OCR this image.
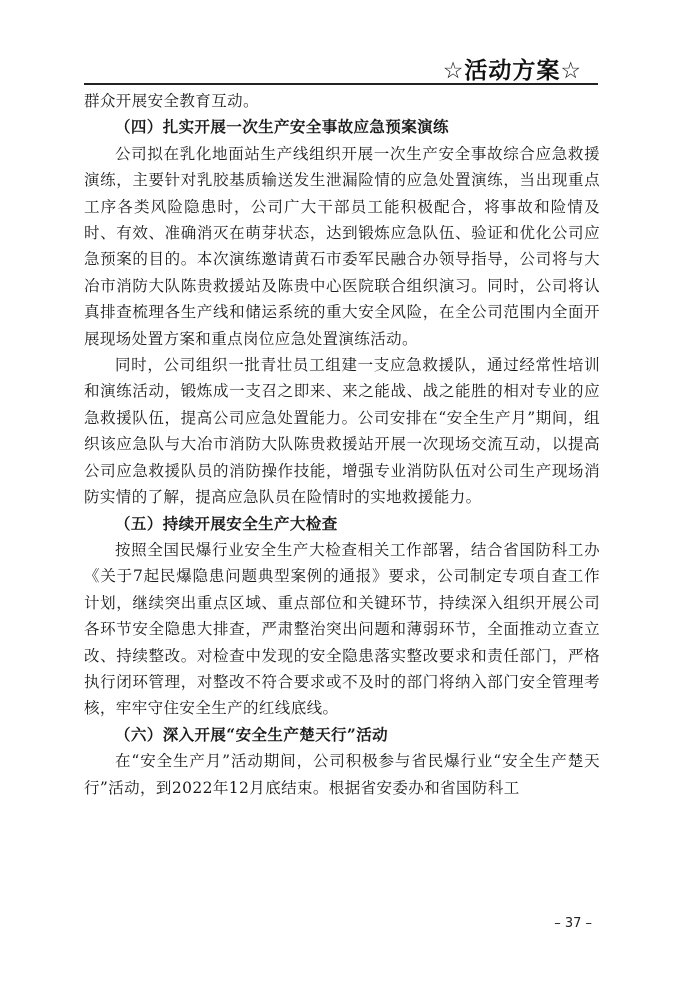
☆活动方案☆

群众开展安全教育互动。

（四）扎实开展一次生产安全事故应急预案演练

公司拟在乳化地面站生产线组织开展一次生产安全事故综合应急救援演练，主要针对乳胶基质输送发生泄漏险情的应急处置演练，当出现重点工序各类风险隐患时，公司广大干部员工能积极配合，将事故和险情及时、有效、准确消灭在萌芽状态，达到锻炼应急队伍、验证和优化公司应急预案的目的。本次演练邀请黄石市委军民融合办领导指导，公司将与大冶市消防大队陈贵救援站及陈贵中心医院联合组织演习。同时，公司将认真排查梳理各生产线和储运系统的重大安全风险，在全公司范围内全面开展现场处置方案和重点岗位应急处置演练活动。

同时，公司组织一批青壮员工组建一支应急救援队，通过经常性培训和演练活动，锻炼成一支召之即来、来之能战、战之能胜的相对专业的应急救援队伍，提高公司应急处置能力。公司安排在“安全生产月”期间，组织该应急队与大冶市消防大队陈贵救援站开展一次现场交流互动，以提高公司应急救援队员的消防操作技能，增强专业消防队伍对公司生产现场消防实情的了解，提高应急队员在险情时的实地救援能力。

（五）持续开展安全生产大检查

按照全国民爆行业安全生产大检查相关工作部署，结合省国防科工办《关于7起民爆隐患问题典型案例的通报》要求，公司制定专项自查工作计划，继续突出重点区域、重点部位和关键环节，持续深入组织开展公司各环节安全隐患大排查，严肃整治突出问题和薄弱环节，全面推动立查立改、持续整改。对检查中发现的安全隐患落实整改要求和责任部门，严格执行闭环管理，对整改不符合要求或不及时的部门将纳入部门安全管理考核，牢牢守住安全生产的红线底线。

（六）深入开展“安全生产楚天行”活动

在“安全生产月”活动期间，公司积极参与省民爆行业“安全生产楚天行”活动，到2022年12月底结束。根据省安委办和省国防科工

– 37 –
